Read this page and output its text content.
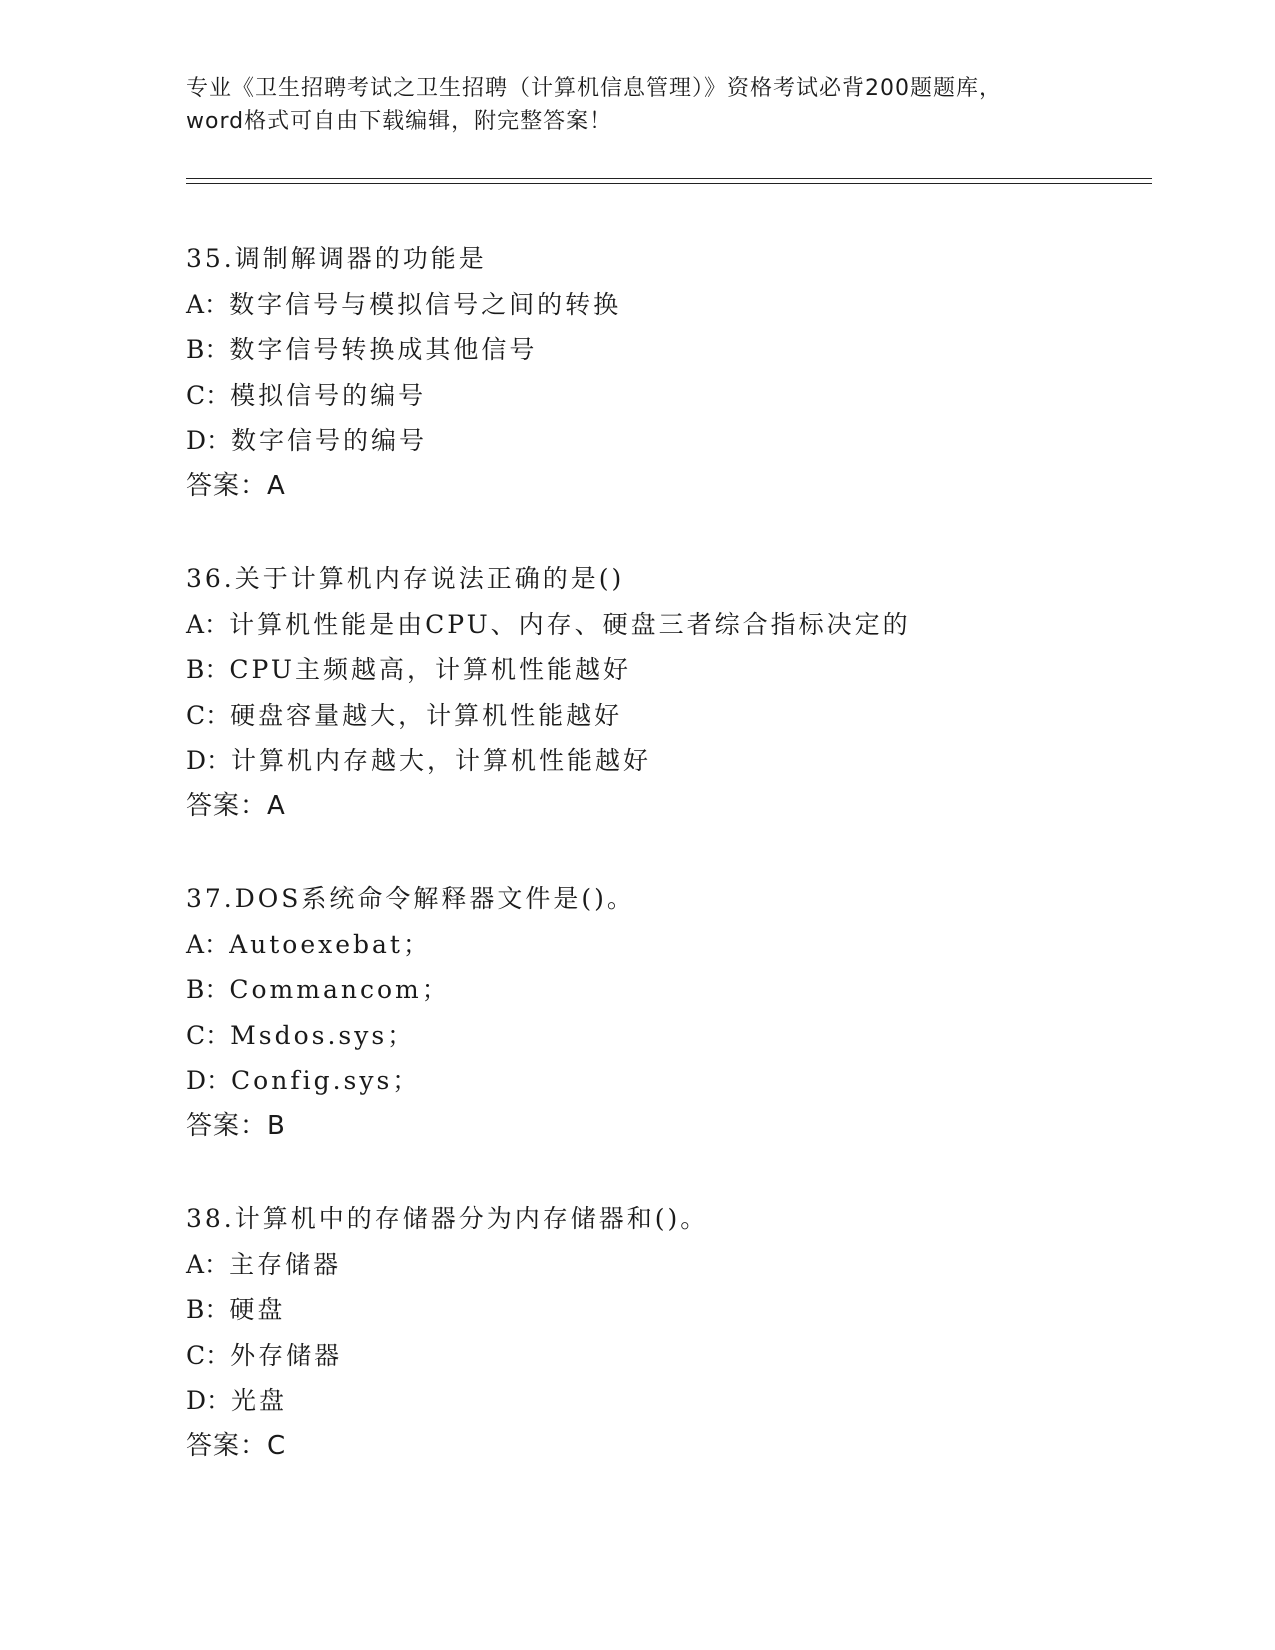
专业《卫生招聘考试之卫生招聘（计算机信息管理）》资格考试必背200题题库，
word格式可自由下载编辑，附完整答案！
35.调制解调器的功能是
A：数字信号与模拟信号之间的转换
B：数字信号转换成其他信号
C：模拟信号的编号
D：数字信号的编号
答案：A
36.关于计算机内存说法正确的是()
A：计算机性能是由CPU、内存、硬盘三者综合指标决定的
B：CPU主频越高，计算机性能越好
C：硬盘容量越大，计算机性能越好
D：计算机内存越大，计算机性能越好
答案：A
37.DOS系统命令解释器文件是()。
A：Autoexebat；
B：Commancom；
C：Msdos.sys；
D：Config.sys；
答案：B
38.计算机中的存储器分为内存储器和()。
A：主存储器
B：硬盘
C：外存储器
D：光盘
答案：C
